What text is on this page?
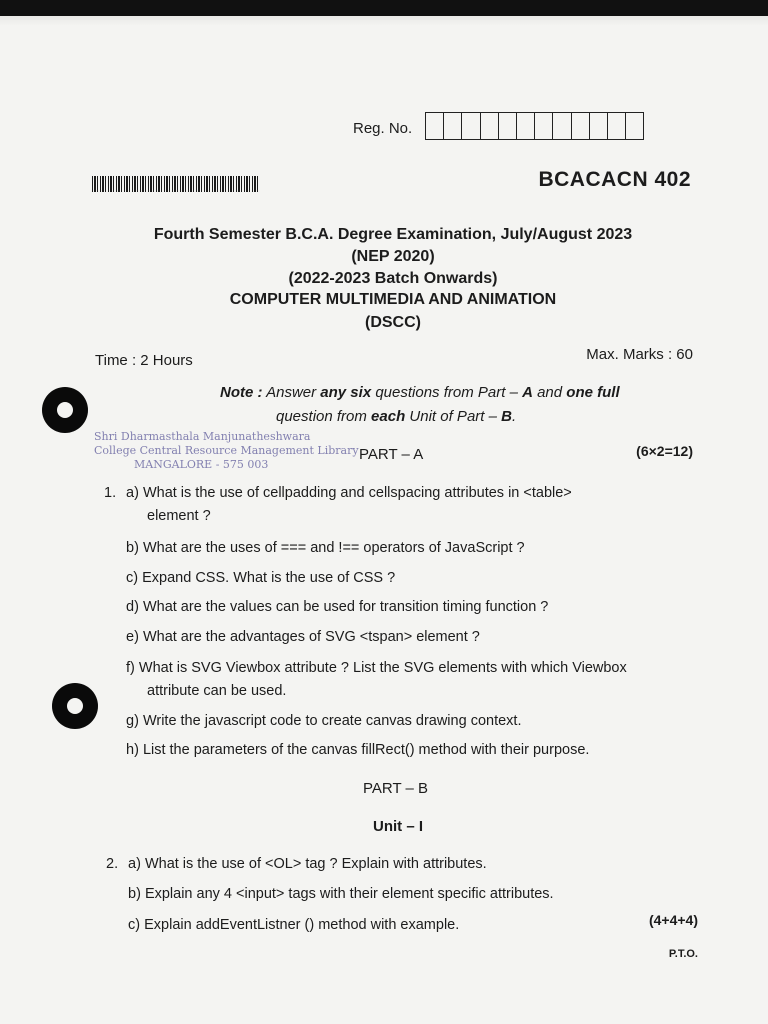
Reg. No.
BCACACN 402
Fourth Semester B.C.A. Degree Examination, July/August 2023
(NEP 2020)
(2022-2023 Batch Onwards)
COMPUTER MULTIMEDIA AND ANIMATION
(DSCC)
Time : 2 Hours	Max. Marks : 60
Note : Answer any six questions from Part – A and one full
question from each Unit of Part – B.
Shri Dharmasthala Manjunatheshwara
College Central Resource Management Library
MANGALORE - 575 003
PART – A	(6×2=12)
1. a) What is the use of cellpadding and cellspacing attributes in <table>
element ?
b) What are the uses of === and !== operators of JavaScript ?
c) Expand CSS. What is the use of CSS ?
d) What are the values can be used for transition timing function ?
e) What are the advantages of SVG <tspan> element ?
f) What is SVG Viewbox attribute ? List the SVG elements with which Viewbox
attribute can be used.
g) Write the javascript code to create canvas drawing context.
h) List the parameters of the canvas fillRect() method with their purpose.
PART – B
Unit – I
2. a) What is the use of <OL> tag ? Explain with attributes.
b) Explain any 4 <input> tags with their element specific attributes.
c) Explain addEventListner () method with example.	(4+4+4)
P.T.O.
